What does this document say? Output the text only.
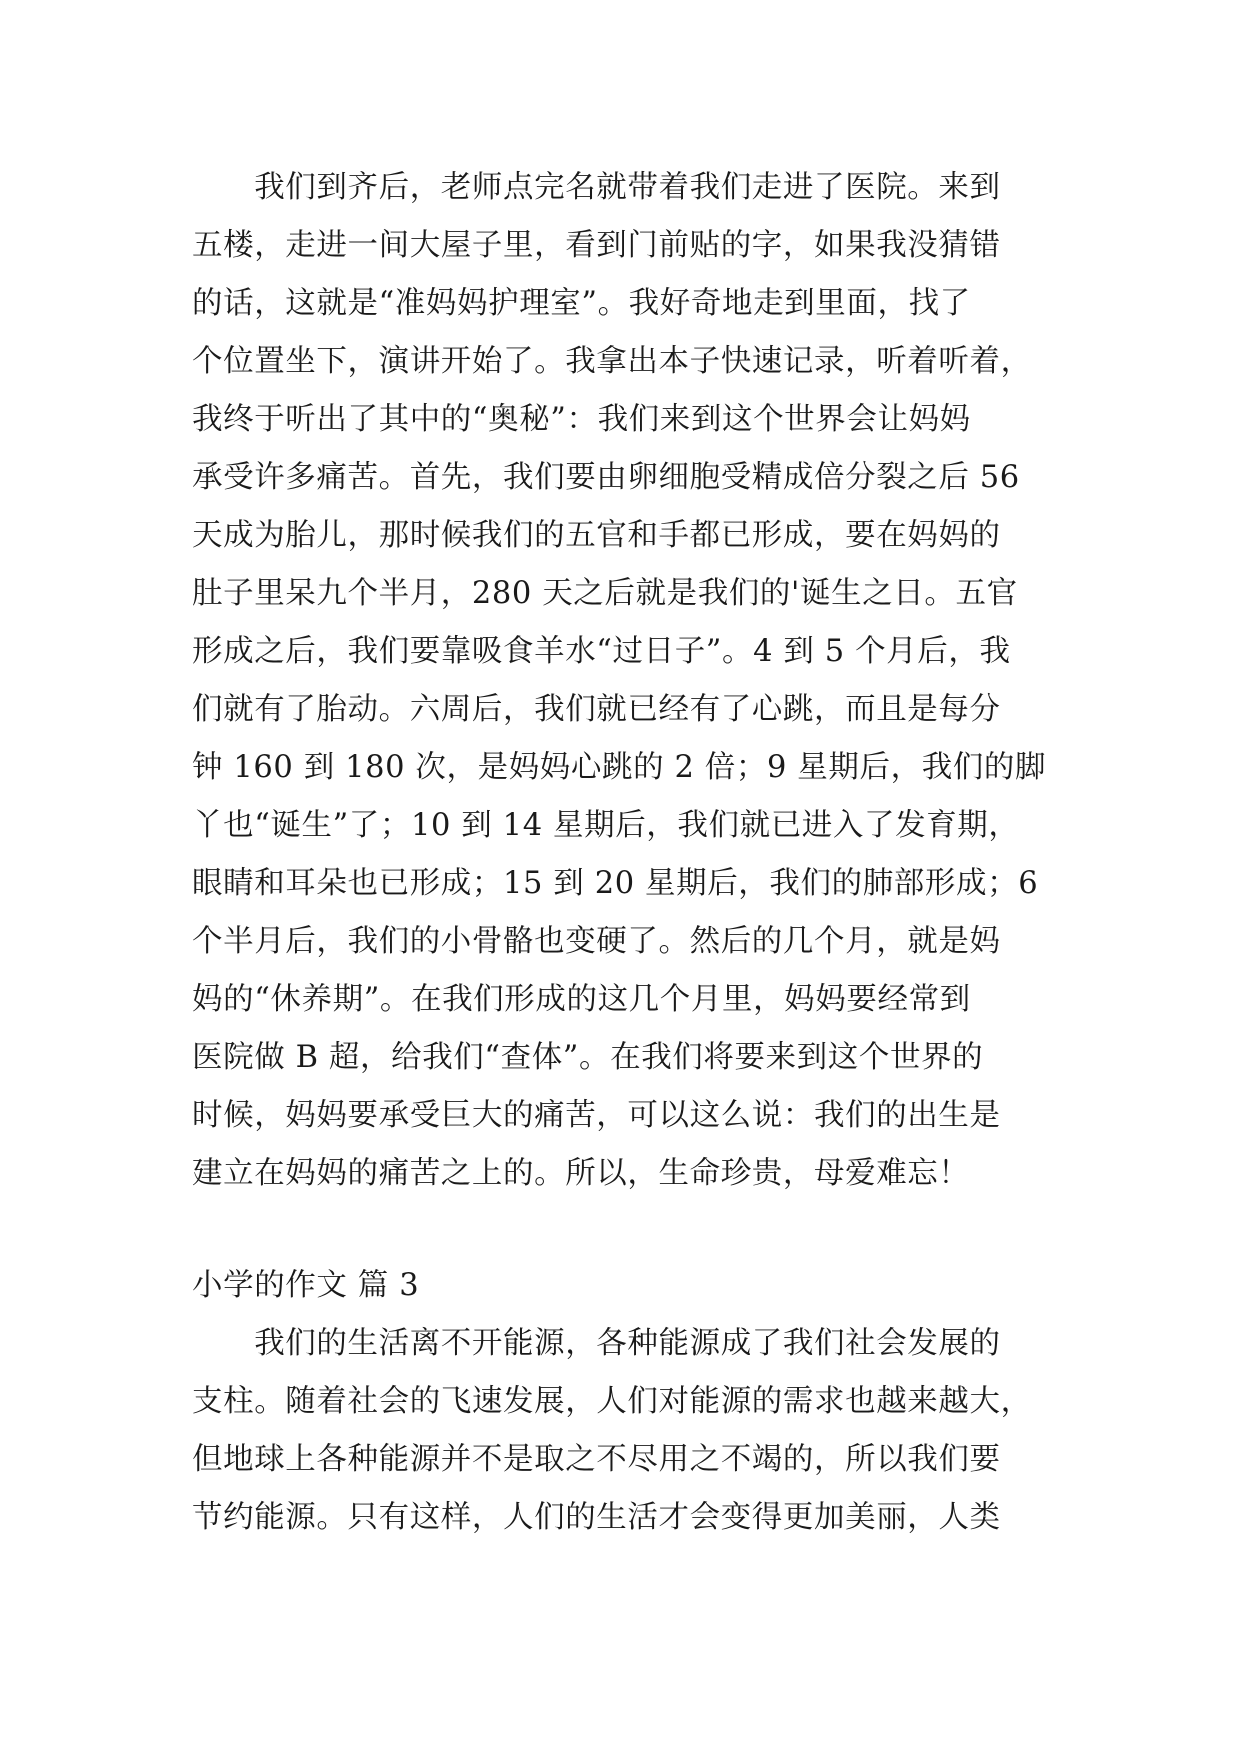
　　我们到齐后，老师点完名就带着我们走进了医院。来到
五楼，走进一间大屋子里，看到门前贴的字，如果我没猜错
的话，这就是“准妈妈护理室”。我好奇地走到里面，找了
个位置坐下，演讲开始了。我拿出本子快速记录，听着听着，
我终于听出了其中的“奥秘”：我们来到这个世界会让妈妈
承受许多痛苦。首先，我们要由卵细胞受精成倍分裂之后 56
天成为胎儿，那时候我们的五官和手都已形成，要在妈妈的
肚子里呆九个半月，280 天之后就是我们的'诞生之日。五官
形成之后，我们要靠吸食羊水“过日子”。4 到 5 个月后，我
们就有了胎动。六周后，我们就已经有了心跳，而且是每分
钟 160 到 180 次，是妈妈心跳的 2 倍；9 星期后，我们的脚
丫也“诞生”了；10 到 14 星期后，我们就已进入了发育期，
眼睛和耳朵也已形成；15 到 20 星期后，我们的肺部形成；6
个半月后，我们的小骨骼也变硬了。然后的几个月，就是妈
妈的“休养期”。在我们形成的这几个月里，妈妈要经常到
医院做 B 超，给我们“查体”。在我们将要来到这个世界的
时候，妈妈要承受巨大的痛苦，可以这么说：我们的出生是
建立在妈妈的痛苦之上的。所以，生命珍贵，母爱难忘！
小学的作文 篇 3
　　我们的生活离不开能源，各种能源成了我们社会发展的
支柱。随着社会的飞速发展，人们对能源的需求也越来越大，
但地球上各种能源并不是取之不尽用之不竭的，所以我们要
节约能源。只有这样，人们的生活才会变得更加美丽，人类
